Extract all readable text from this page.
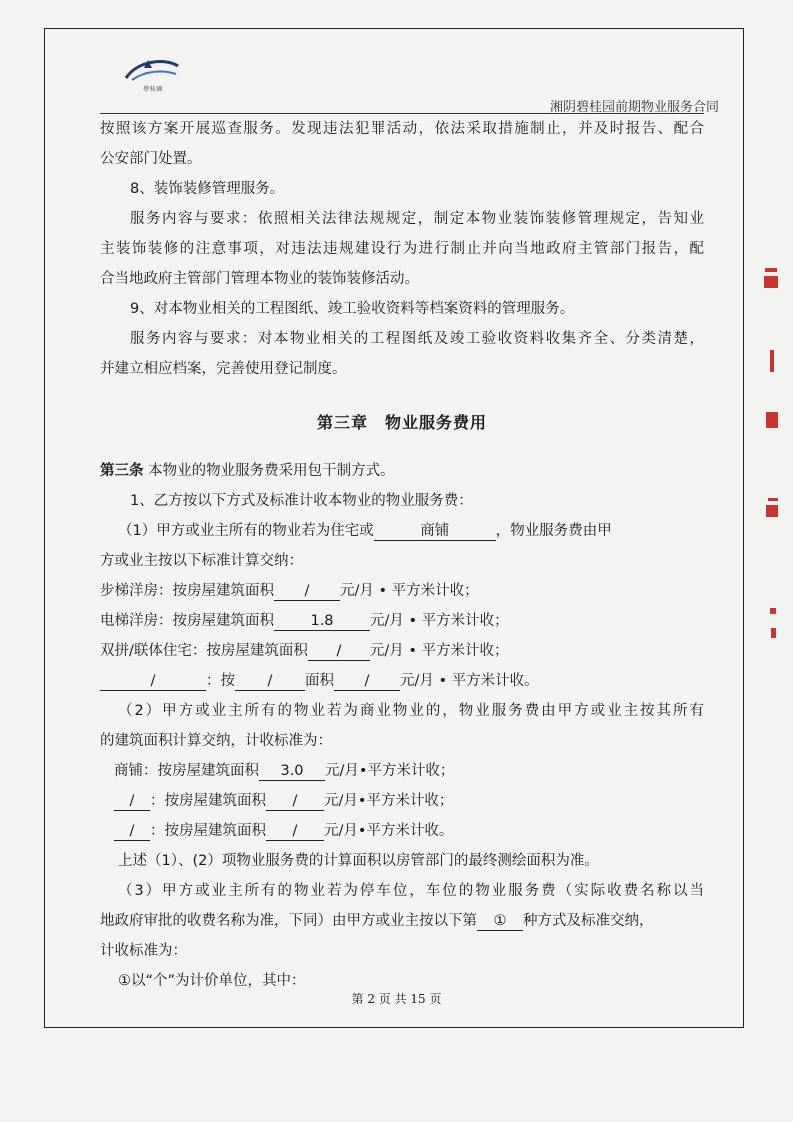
碧桂園
湘阴碧桂园前期物业服务合同

按照该方案开展巡查服务。发现违法犯罪活动，依法采取措施制止，并及时报告、配合

公安部门处置。

8、装饰装修管理服务。

服务内容与要求：依照相关法律法规规定，制定本物业装饰装修管理规定，告知业

主装饰装修的注意事项，对违法违规建设行为进行制止并向当地政府主管部门报告，配

合当地政府主管部门管理本物业的装饰装修活动。

9、对本物业相关的工程图纸、竣工验收资料等档案资料的管理服务。

服务内容与要求：对本物业相关的工程图纸及竣工验收资料收集齐全、分类清楚，

并建立相应档案，完善使用登记制度。

第三章　物业服务费用

第三条 本物业的物业服务费采用包干制方式。

1、乙方按以下方式及标准计收本物业的物业服务费：

（1）甲方或业主所有的物业若为住宅或	商铺	，物业服务费由甲

方或业主按以下标准计算交纳：

步梯洋房：按房屋建筑面积 / 元/月 • 平方米计收；

电梯洋房：按房屋建筑面积	1.8	元/月 • 平方米计收；

双拼/联体住宅：按房屋建筑面积 / 元/月 • 平方米计收；

/	：按 / 面积 / 元/月 • 平方米计收。

（2）甲方或业主所有的物业若为商业物业的，物业服务费由甲方或业主按其所有

的建筑面积计算交纳，计收标准为：

商铺：按房屋建筑面积 3.0 元/月•平方米计收；

/ ：按房屋建筑面积 / 元/月•平方米计收；

/ ：按房屋建筑面积 / 元/月•平方米计收。

上述（1）、(2）项物业服务费的计算面积以房管部门的最终测绘面积为准。

（3）甲方或业主所有的物业若为停车位，车位的物业服务费（实际收费名称以当

地政府审批的收费名称为准，下同）由甲方或业主按以下第 ① 种方式及标准交纳，

计收标准为：

①以“个”为计价单位，其中：

第 2 页 共 15 页
